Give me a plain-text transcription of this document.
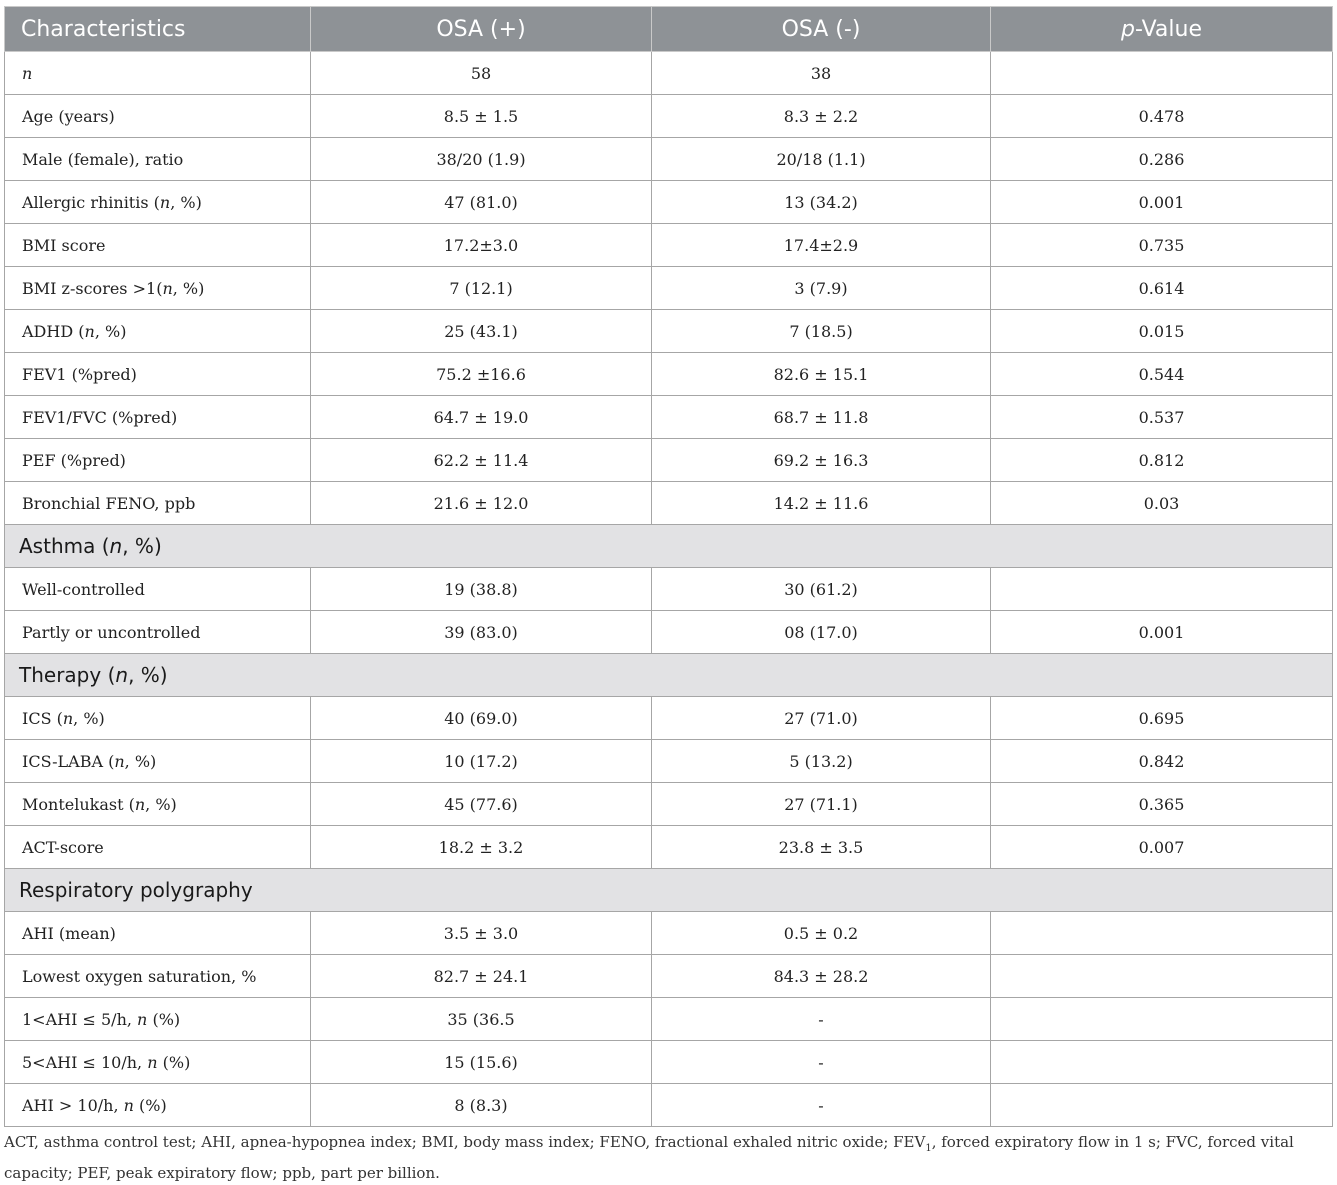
Characteristics	OSA (+)	OSA (-)	p-Value
n	58	38	
Age (years)	8.5 ± 1.5	8.3 ± 2.2	0.478
Male (female), ratio	38/20 (1.9)	20/18 (1.1)	0.286
Allergic rhinitis (n, %)	47 (81.0)	13 (34.2)	0.001
BMI score	17.2±3.0	17.4±2.9	0.735
BMI z-scores >1(n, %)	7 (12.1)	3 (7.9)	0.614
ADHD (n, %)	25 (43.1)	7 (18.5)	0.015
FEV1 (%pred)	75.2 ±16.6	82.6 ± 15.1	0.544
FEV1/FVC (%pred)	64.7 ± 19.0	68.7 ± 11.8	0.537
PEF (%pred)	62.2 ± 11.4	69.2 ± 16.3	0.812
Bronchial FENO, ppb	21.6 ± 12.0	14.2 ± 11.6	0.03
Asthma (n, %)			
Well-controlled	19 (38.8)	30 (61.2)	
Partly or uncontrolled	39 (83.0)	08 (17.0)	0.001
Therapy (n, %)			
ICS (n, %)	40 (69.0)	27 (71.0)	0.695
ICS-LABA (n, %)	10 (17.2)	5 (13.2)	0.842
Montelukast (n, %)	45 (77.6)	27 (71.1)	0.365
ACT-score	18.2 ± 3.2	23.8 ± 3.5	0.007
Respiratory polygraphy			
AHI (mean)	3.5 ± 3.0	0.5 ± 0.2	
Lowest oxygen saturation, %	82.7 ± 24.1	84.3 ± 28.2	
1<AHI ≤ 5/h, n (%)	35 (36.5	-	
5<AHI ≤ 10/h, n (%)	15 (15.6)	-	
AHI > 10/h, n (%)	8 (8.3)	-	
ACT, asthma control test; AHI, apnea-hypopnea index; BMI, body mass index; FENO, fractional exhaled nitric oxide; $FEV_1$, forced expiratory flow in 1 s; FVC, forced vital capacity; PEF, peak expiratory flow; ppb, part per billion.
